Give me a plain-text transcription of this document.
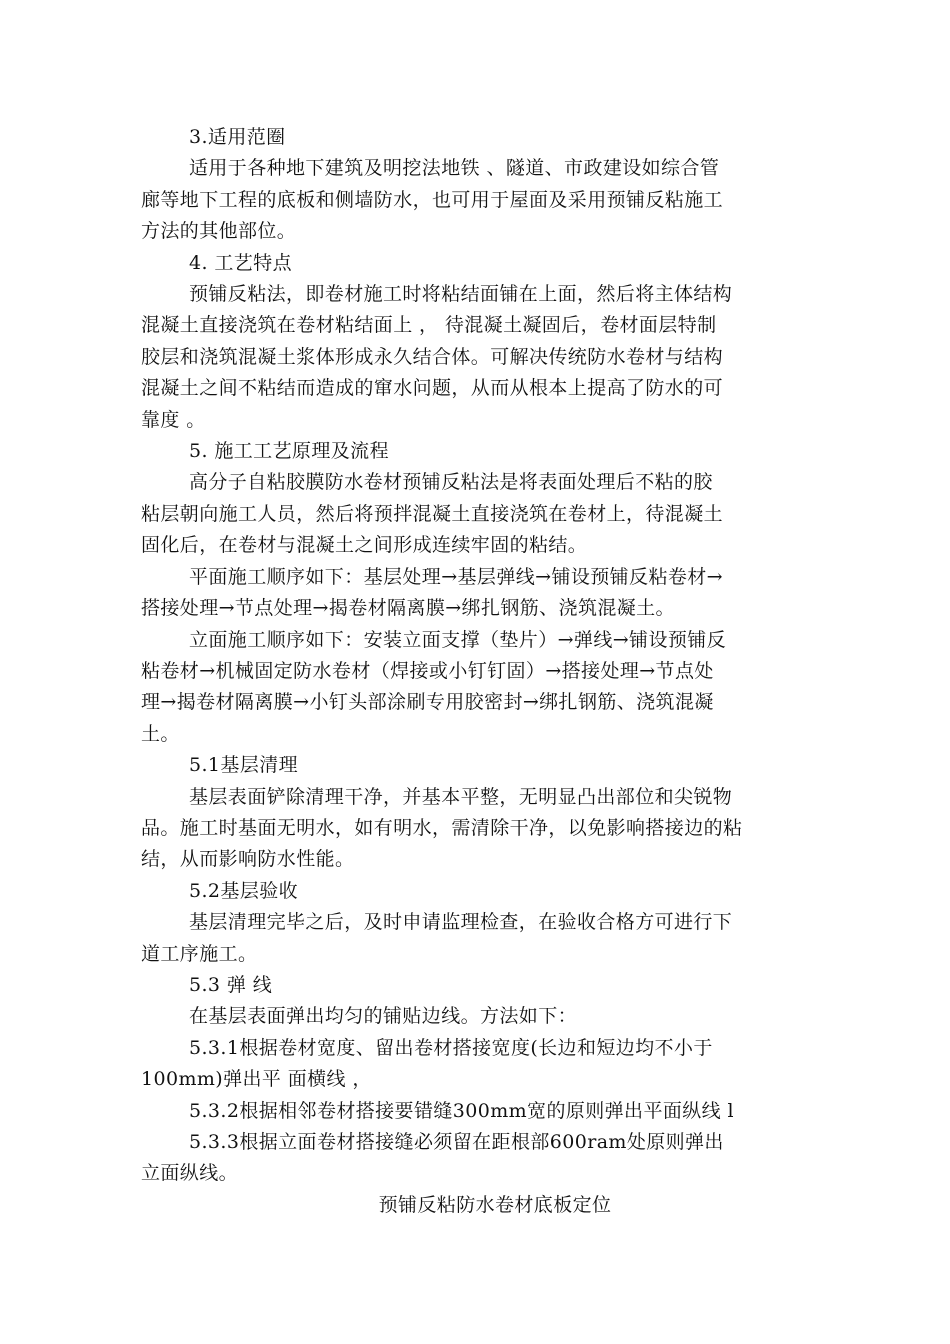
3.适用范圈
适用于各种地下建筑及明挖法地铁 、隧道、市政建设如综合管
廊等地下工程的底板和侧墙防水，也可用于屋面及采用预铺反粘施工
方法的其他部位。
4. 工艺特点
预铺反粘法，即卷材施工时将粘结面铺在上面，然后将主体结构
混凝土直接浇筑在卷材粘结面上 ， 待混凝土凝固后，卷材面层特制
胶层和浇筑混凝土浆体形成永久结合体。可解决传统防水卷材与结构
混凝土之间不粘结而造成的窜水问题，从而从根本上提高了防水的可
靠度 。
5. 施工工艺原理及流程
高分子自粘胶膜防水卷材预铺反粘法是将表面处理后不粘的胶
粘层朝向施工人员，然后将预拌混凝土直接浇筑在卷材上，待混凝土
固化后，在卷材与混凝土之间形成连续牢固的粘结。
平面施工顺序如下：基层处理→基层弹线→铺设预铺反粘卷材→
搭接处理→节点处理→揭卷材隔离膜→绑扎钢筋、浇筑混凝土。
立面施工顺序如下：安装立面支撑（垫片）→弹线→铺设预铺反
粘卷材→机械固定防水卷材（焊接或小钉钉固）→搭接处理→节点处
理→揭卷材隔离膜→小钉头部涂刷专用胶密封→绑扎钢筋、浇筑混凝
土。
5.1基层清理
基层表面铲除清理干净，并基本平整，无明显凸出部位和尖锐物
品。施工时基面无明水，如有明水，需清除干净，以免影响搭接边的粘
结，从而影响防水性能。
5.2基层验收
基层清理完毕之后，及时申请监理检查，在验收合格方可进行下
道工序施工。
5.3 弹 线
在基层表面弹出均匀的铺贴边线。方法如下：
5.3.1根据卷材宽度、留出卷材搭接宽度(长边和短边均不小于
100mm)弹出平 面横线 ，
5.3.2根据相邻卷材搭接要错缝300mm宽的原则弹出平面纵线 l
5.3.3根据立面卷材搭接缝必须留在距根部600ram处原则弹出
立面纵线。
预铺反粘防水卷材底板定位
